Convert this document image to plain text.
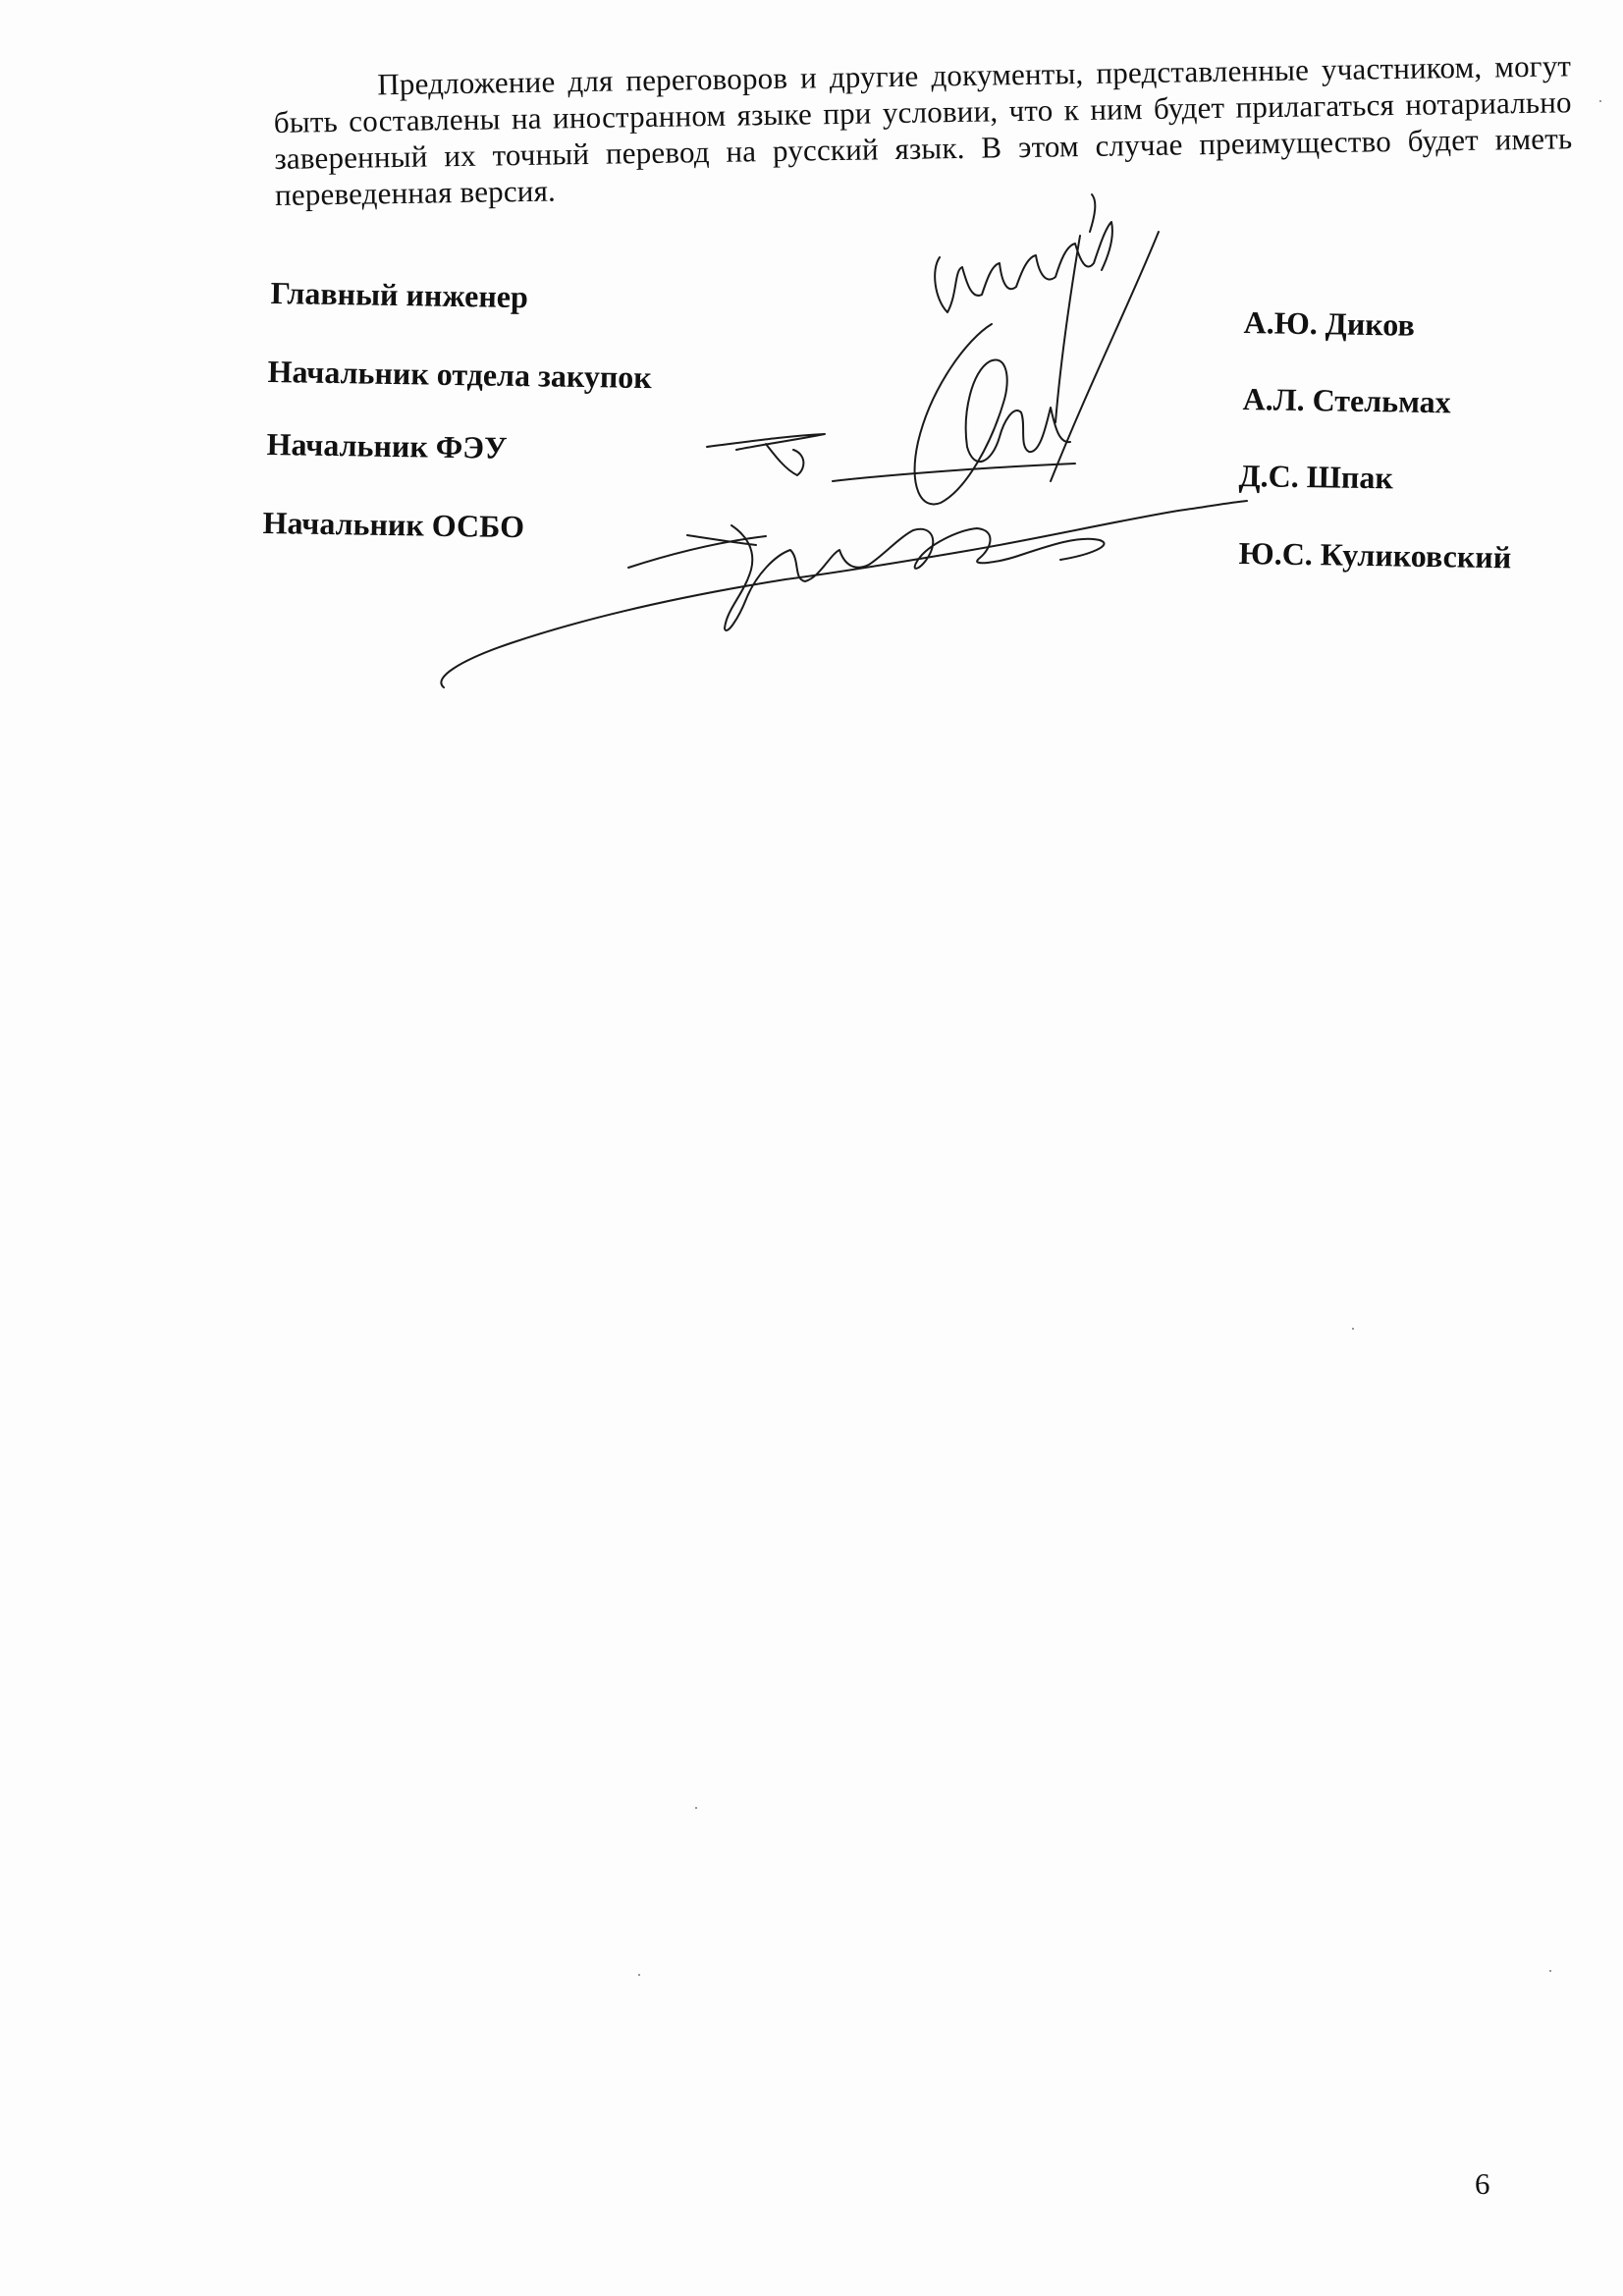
Предложение для переговоров и другие документы, представленные участником, могут быть составлены на иностранном языке при условии, что к ним будет прилагаться нотариально заверенный их точный перевод на русский язык. В этом случае преимущество будет иметь переведенная версия.

Главный инженер
А.Ю. Диков
Начальник отдела закупок
А.Л. Стельмах
Начальник ФЭУ
Д.С. Шпак
Начальник ОСБО
Ю.С. Куликовский
6
